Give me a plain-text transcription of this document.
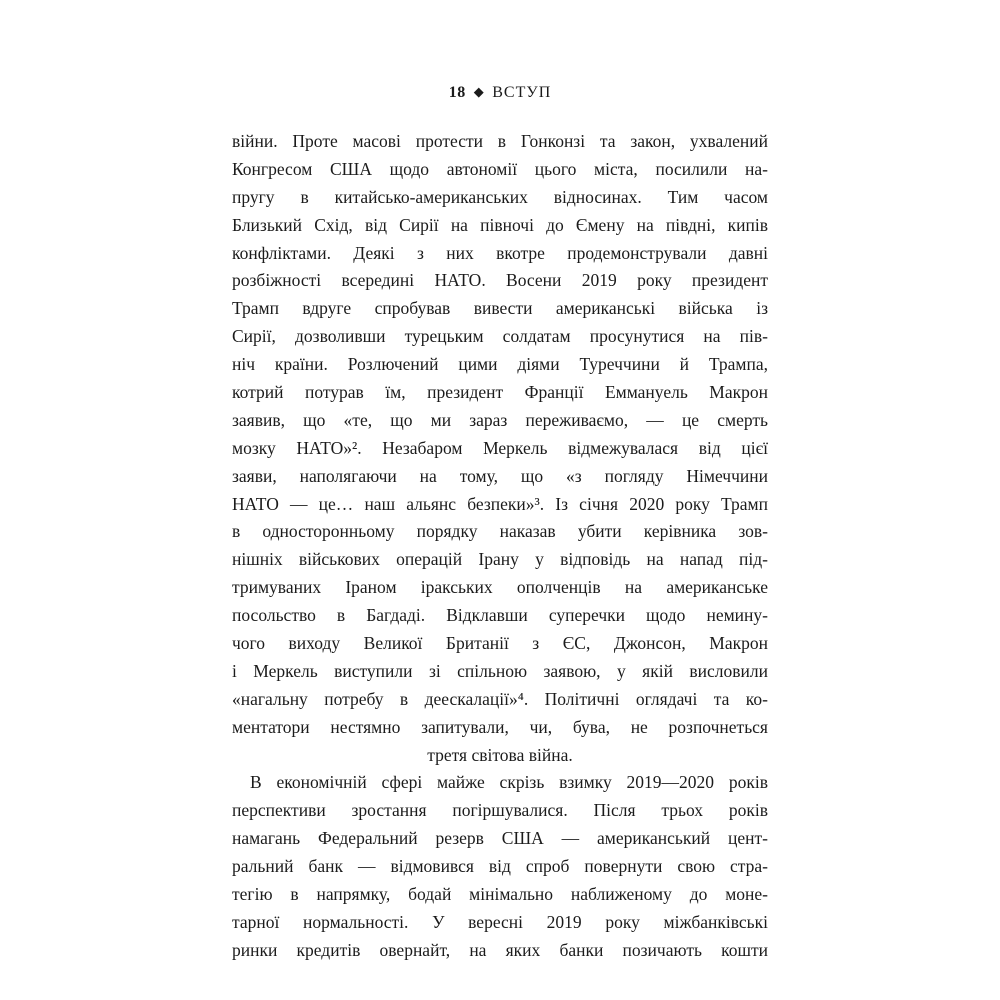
18 ◆ ВСТУП
війни. Проте масові протести в Гонконзі та закон, ухвалений
Конгресом США щодо автономії цього міста, посилили на-
пругу в китайсько-американських відносинах. Тим часом
Близький Схід, від Сирії на півночі до Ємену на півдні, кипів
конфліктами. Деякі з них вкотре продемонстрували давні
розбіжності всередині НАТО. Восени 2019 року президент
Трамп вдруге спробував вивести американські війська із
Сирії, дозволивши турецьким солдатам просунутися на пів-
ніч країни. Розлючений цими діями Туреччини й Трампа,
котрий потурав їм, президент Франції Еммануель Макрон
заявив, що «те, що ми зараз переживаємо, — це смерть
мозку НАТО»². Незабаром Меркель відмежувалася від цієї
заяви, наполягаючи на тому, що «з погляду Німеччини
НАТО — це… наш альянс безпеки»³. Із січня 2020 року Трамп
в односторонньому порядку наказав убити керівника зов-
нішніх військових операцій Ірану у відповідь на напад під-
тримуваних Іраном іракських ополченців на американське
посольство в Багдаді. Відклавши суперечки щодо немину-
чого виходу Великої Британії з ЄС, Джонсон, Макрон
і Меркель виступили зі спільною заявою, у якій висловили
«нагальну потребу в деескалації»⁴. Політичні оглядачі та ко-
ментатори нестямно запитували, чи, бува, не розпочнеться
третя світова війна.
В економічній сфері майже скрізь взимку 2019—2020 років
перспективи зростання погіршувалися. Після трьох років
намагань Федеральний резерв США — американський цент-
ральний банк — відмовився від спроб повернути свою стра-
тегію в напрямку, бодай мінімально наближеному до моне-
тарної нормальності. У вересні 2019 року міжбанківські
ринки кредитів овернайт, на яких банки позичають кошти
